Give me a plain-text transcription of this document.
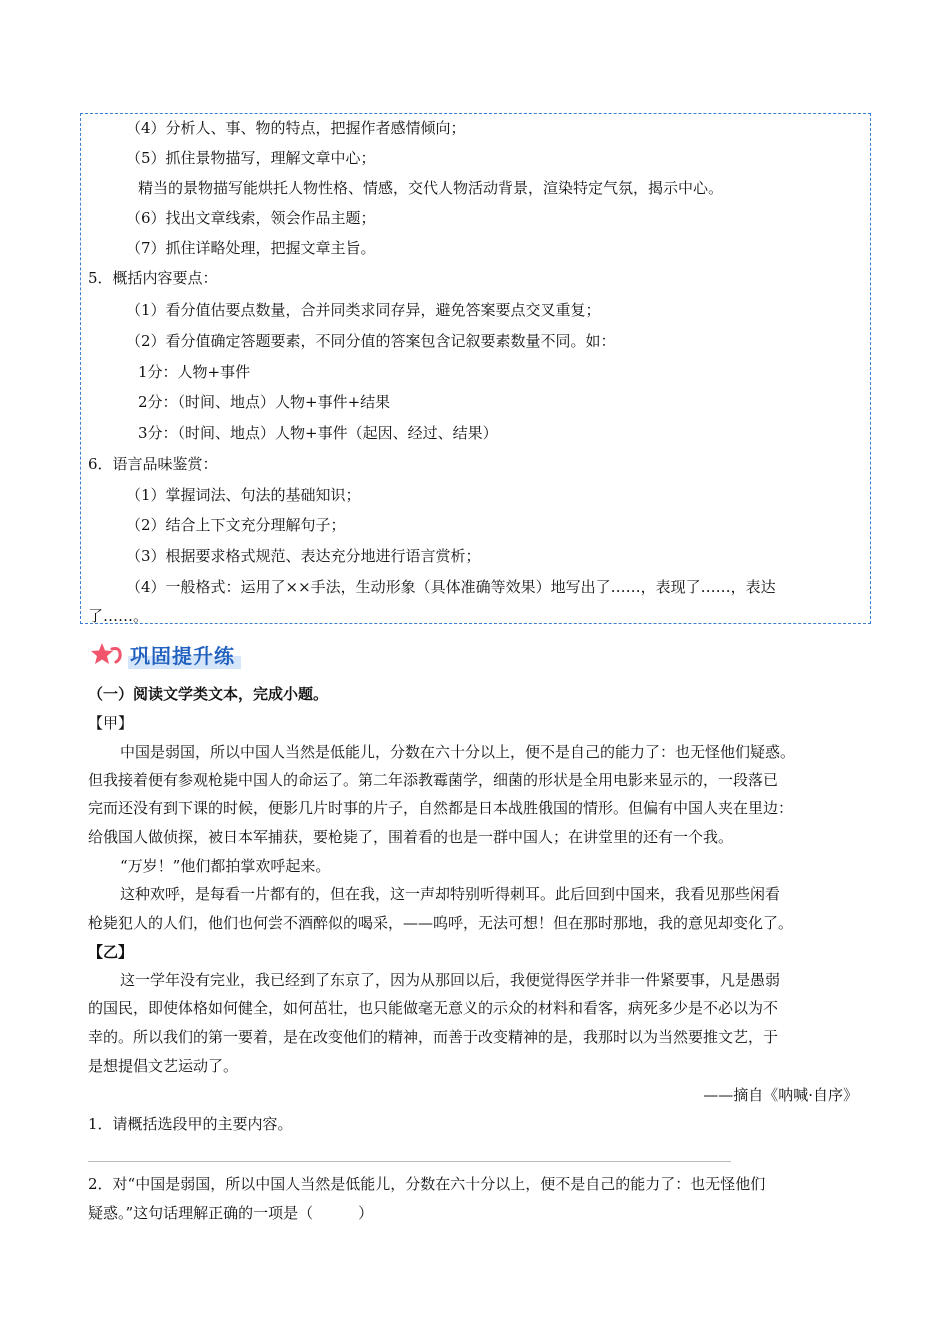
（4）分析人、事、物的特点，把握作者感情倾向；
（5）抓住景物描写，理解文章中心；
精当的景物描写能烘托人物性格、情感，交代人物活动背景，渲染特定气氛，揭示中心。
（6）找出文章线索，领会作品主题；
（7）抓住详略处理，把握文章主旨。
5．概括内容要点：
（1）看分值估要点数量，合并同类求同存异，避免答案要点交叉重复；
（2）看分值确定答题要素，不同分值的答案包含记叙要素数量不同。如：
1分：人物+事件
2分：（时间、地点）人物+事件+结果
3分：（时间、地点）人物+事件（起因、经过、结果）
6．语言品味鉴赏：
（1）掌握词法、句法的基础知识；
（2）结合上下文充分理解句子；
（3）根据要求格式规范、表达充分地进行语言赏析；
（4）一般格式：运用了××手法，生动形象（具体准确等效果）地写出了……，表现了……，表达
了……。
巩固提升练
（一）阅读文学类文本，完成小题。
【甲】
中国是弱国，所以中国人当然是低能儿，分数在六十分以上，便不是自己的能力了：也无怪他们疑惑。
但我接着便有参观枪毙中国人的命运了。第二年添教霉菌学，细菌的形状是全用电影来显示的，一段落已
完而还没有到下课的时候，便影几片时事的片子，自然都是日本战胜俄国的情形。但偏有中国人夹在里边：
给俄国人做侦探，被日本军捕获，要枪毙了，围着看的也是一群中国人；在讲堂里的还有一个我。
“万岁！”他们都拍掌欢呼起来。
这种欢呼，是每看一片都有的，但在我，这一声却特别听得刺耳。此后回到中国来，我看见那些闲看
枪毙犯人的人们，他们也何尝不酒醉似的喝采，——呜呼，无法可想！但在那时那地，我的意见却变化了。
【乙】
这一学年没有完业，我已经到了东京了，因为从那回以后，我便觉得医学并非一件紧要事，凡是愚弱
的国民，即使体格如何健全，如何茁壮，也只能做毫无意义的示众的材料和看客，病死多少是不必以为不
幸的。所以我们的第一要着，是在改变他们的精神，而善于改变精神的是，我那时以为当然要推文艺，于
是想提倡文艺运动了。
——摘自《呐喊·自序》
1．请概括选段甲的主要内容。
2．对“中国是弱国，所以中国人当然是低能儿，分数在六十分以上，便不是自己的能力了：也无怪他们
疑惑。”这句话理解正确的一项是（　　　）
